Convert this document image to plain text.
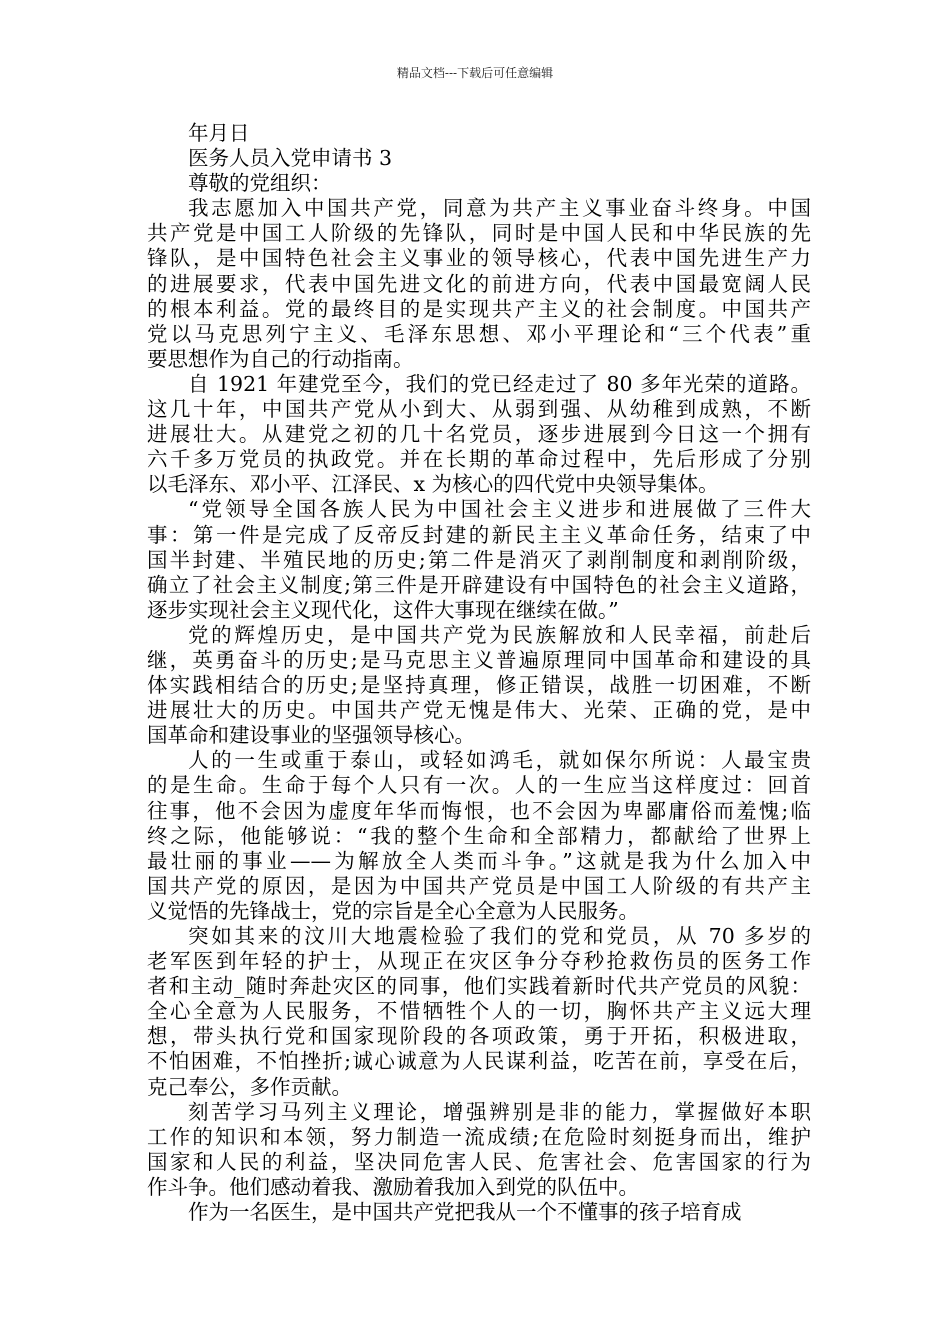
精品文档---下载后可任意编辑
年月日
医务人员入党申请书 3
尊敬的党组织：
我志愿加入中国共产党，同意为共产主义事业奋斗终身。中国
共产党是中国工人阶级的先锋队，同时是中国人民和中华民族的先
锋队，是中国特色社会主义事业的领导核心，代表中国先进生产力
的进展要求，代表中国先进文化的前进方向，代表中国最宽阔人民
的根本利益。党的最终目的是实现共产主义的社会制度。中国共产
党以马克思列宁主义、毛泽东思想、邓小平理论和“三个代表”重
要思想作为自己的行动指南。
自 1921 年建党至今，我们的党已经走过了 80 多年光荣的道路。
这几十年，中国共产党从小到大、从弱到强、从幼稚到成熟，不断
进展壮大。从建党之初的几十名党员，逐步进展到今日这一个拥有
六千多万党员的执政党。并在长期的革命过程中，先后形成了分别
以毛泽东、邓小平、江泽民、x 为核心的四代党中央领导集体。
“党领导全国各族人民为中国社会主义进步和进展做了三件大
事：第一件是完成了反帝反封建的新民主主义革命任务，结束了中
国半封建、半殖民地的历史;第二件是消灭了剥削制度和剥削阶级，
确立了社会主义制度;第三件是开辟建设有中国特色的社会主义道路，
逐步实现社会主义现代化，这件大事现在继续在做。”
党的辉煌历史，是中国共产党为民族解放和人民幸福，前赴后
继，英勇奋斗的历史;是马克思主义普遍原理同中国革命和建设的具
体实践相结合的历史;是坚持真理，修正错误，战胜一切困难，不断
进展壮大的历史。中国共产党无愧是伟大、光荣、正确的党，是中
国革命和建设事业的坚强领导核心。
人的一生或重于泰山，或轻如鸿毛，就如保尔所说：人最宝贵
的是生命。生命于每个人只有一次。人的一生应当这样度过：回首
往事，他不会因为虚度年华而悔恨，也不会因为卑鄙庸俗而羞愧;临
终之际，他能够说：“我的整个生命和全部精力，都献给了世界上
最壮丽的事业——为解放全人类而斗争。”这就是我为什么加入中
国共产党的原因，是因为中国共产党员是中国工人阶级的有共产主
义觉悟的先锋战士，党的宗旨是全心全意为人民服务。
突如其来的汶川大地震检验了我们的党和党员，从 70 多岁的
老军医到年轻的护士，从现正在灾区争分夺秒抢救伤员的医务工作
者和主动_随时奔赴灾区的同事，他们实践着新时代共产党员的风貌：
全心全意为人民服务，不惜牺牲个人的一切，胸怀共产主义远大理
想，带头执行党和国家现阶段的各项政策，勇于开拓，积极进取，
不怕困难，不怕挫折;诚心诚意为人民谋利益，吃苦在前，享受在后，
克己奉公，多作贡献。
刻苦学习马列主义理论，增强辨别是非的能力，掌握做好本职
工作的知识和本领，努力制造一流成绩;在危险时刻挺身而出，维护
国家和人民的利益，坚决同危害人民、危害社会、危害国家的行为
作斗争。他们感动着我、激励着我加入到党的队伍中。
作为一名医生，是中国共产党把我从一个不懂事的孩子培育成
